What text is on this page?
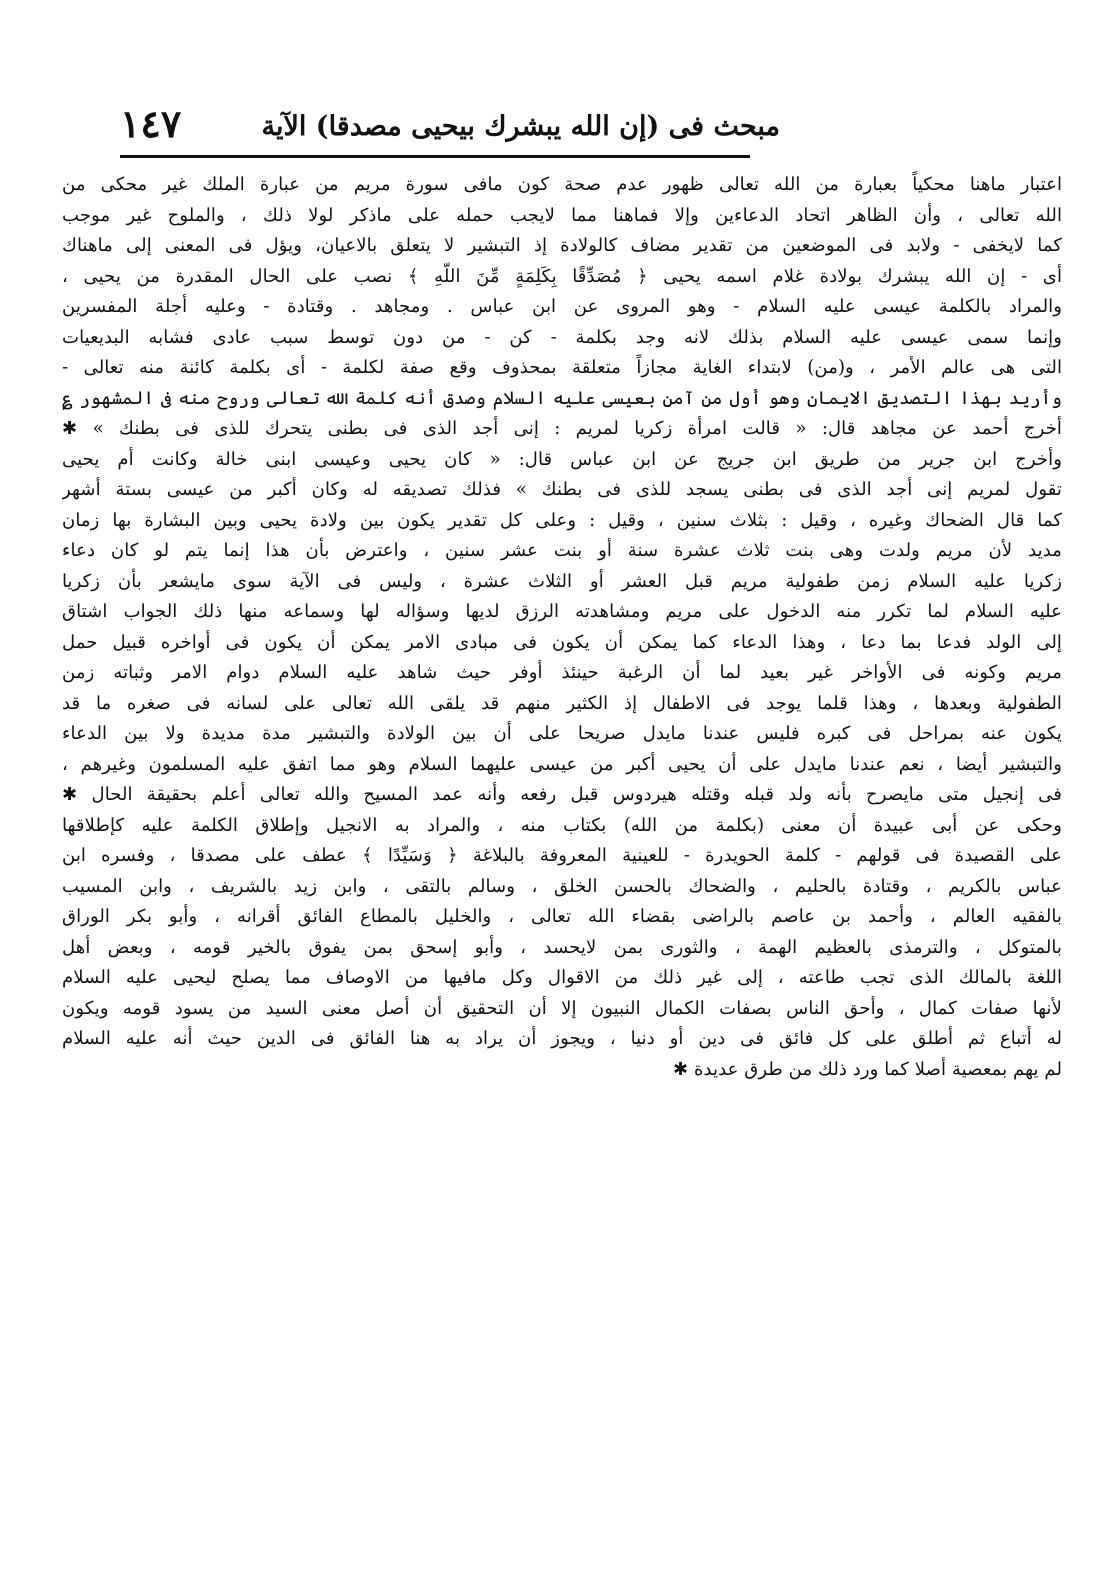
مبحث فى (إن الله يبشرك بيحيى مصدقا) الآية
١٤٧
اعتبار ماهنا محكياً بعبارة من الله تعالى ظهور عدم صحة كون مافى سورة مريم من عبارة الملك غير محكى من
الله تعالى ، وأن الظاهر اتحاد الدعاءين وإلا فماهنا مما لايجب حمله على ماذكر لولا ذلك ، والملوح غير موجب
كما لايخفى - ولابد فى الموضعين من تقدير مضاف كالولادة إذ التبشير لا يتعلق بالاعيان، ويؤل فى المعنى إلى ماهناك
أى - إن الله يبشرك بولادة غلام اسمه يحيى ﴿ مُصَدِّقًا بِكَلِمَةٍ مِّنَ اللَّهِ ﴾ نصب على الحال المقدرة من يحيى ،
والمراد بالكلمة عيسى عليه السلام - وهو المروى عن ابن عباس . ومجاهد . وقتادة - وعليه أجلة المفسرين
وإنما سمى عيسى عليه السلام بذلك لانه وجد بكلمة - كن - من دون توسط سبب عادى فشابه البديعيات
التى هى عالم الأمر ، و(من) لابتداء الغاية مجازاً متعلقة بمحذوف وقع صفة لكلمة - أى بكلمة كائنة منه تعالى -
وأريد بهذا التصديق الايمان وهو أول من آمن بعيسى عليه السلام وصدق أنه كلمة الله تعالى وروح منه فى المشهور ؏
أخرج أحمد عن مجاهد قال: « قالت امرأة زكريا لمريم : إنى أجد الذى فى بطنى يتحرك للذى فى بطنك » ✱
وأخرج ابن جرير من طريق ابن جريج عن ابن عباس قال: « كان يحيى وعيسى ابنى خالة وكانت أم يحيى
تقول لمريم إنى أجد الذى فى بطنى يسجد للذى فى بطنك » فذلك تصديقه له وكان أكبر من عيسى بستة أشهر
كما قال الضحاك وغيره ، وقيل : بثلاث سنين ، وقيل : وعلى كل تقدير يكون بين ولادة يحيى وبين البشارة بها زمان
مديد لأن مريم ولدت وهى بنت ثلاث عشرة سنة أو بنت عشر سنين ، واعترض بأن هذا إنما يتم لو كان دعاء
زكريا عليه السلام زمن طفولية مريم قبل العشر أو الثلاث عشرة ، وليس فى الآية سوى مايشعر بأن زكريا
عليه السلام لما تكرر منه الدخول على مريم ومشاهدته الرزق لديها وسؤاله لها وسماعه منها ذلك الجواب اشتاق
إلى الولد فدعا بما دعا ، وهذا الدعاء كما يمكن أن يكون فى مبادى الامر يمكن أن يكون فى أواخره قبيل حمل
مريم وكونه فى الأواخر غير بعيد لما أن الرغبة حينئذ أوفر حيث شاهد عليه السلام دوام الامر وثباته زمن
الطفولية وبعدها ، وهذا قلما يوجد فى الاطفال إذ الكثير منهم قد يلقى الله تعالى على لسانه فى صغره ما قد
يكون عنه بمراحل فى كبره فليس عندنا مايدل صريحا على أن بين الولادة والتبشير مدة مديدة ولا بين الدعاء
والتبشير أيضا ، نعم عندنا مايدل على أن يحيى أكبر من عيسى عليهما السلام وهو مما اتفق عليه المسلمون وغيرهم ،
فى إنجيل متى مايصرح بأنه ولد قبله وقتله هيردوس قبل رفعه وأنه عمد المسيح والله تعالى أعلم بحقيقة الحال ✱
وحكى عن أبى عبيدة أن معنى (بكلمة من الله) بكتاب منه ، والمراد به الانجيل وإطلاق الكلمة عليه كإطلاقها
على القصيدة فى قولهم - كلمة الحويدرة - للعينية المعروفة بالبلاغة ﴿ وَسَيِّدًا ﴾ عطف على مصدقا ، وفسره ابن
عباس بالكريم ، وقتادة بالحليم ، والضحاك بالحسن الخلق ، وسالم بالتقى ، وابن زيد بالشريف ، وابن المسيب
بالفقيه العالم ، وأحمد بن عاصم بالراضى بقضاء الله تعالى ، والخليل بالمطاع الفائق أقرانه ، وأبو بكر الوراق
بالمتوكل ، والترمذى بالعظيم الهمة ، والثورى بمن لايحسد ، وأبو إسحق بمن يفوق بالخير قومه ، وبعض أهل
اللغة بالمالك الذى تجب طاعته ، إلى غير ذلك من الاقوال وكل مافيها من الاوصاف مما يصلح ليحيى عليه السلام
لأنها صفات كمال ، وأحق الناس بصفات الكمال النبيون إلا أن التحقيق أن أصل معنى السيد من يسود قومه ويكون
له أتباع ثم أطلق على كل فائق فى دين أو دنيا ، ويجوز أن يراد به هنا الفائق فى الدين حيث أنه عليه السلام
لم يهم بمعصية أصلا كما ورد ذلك من طرق عديدة ✱
